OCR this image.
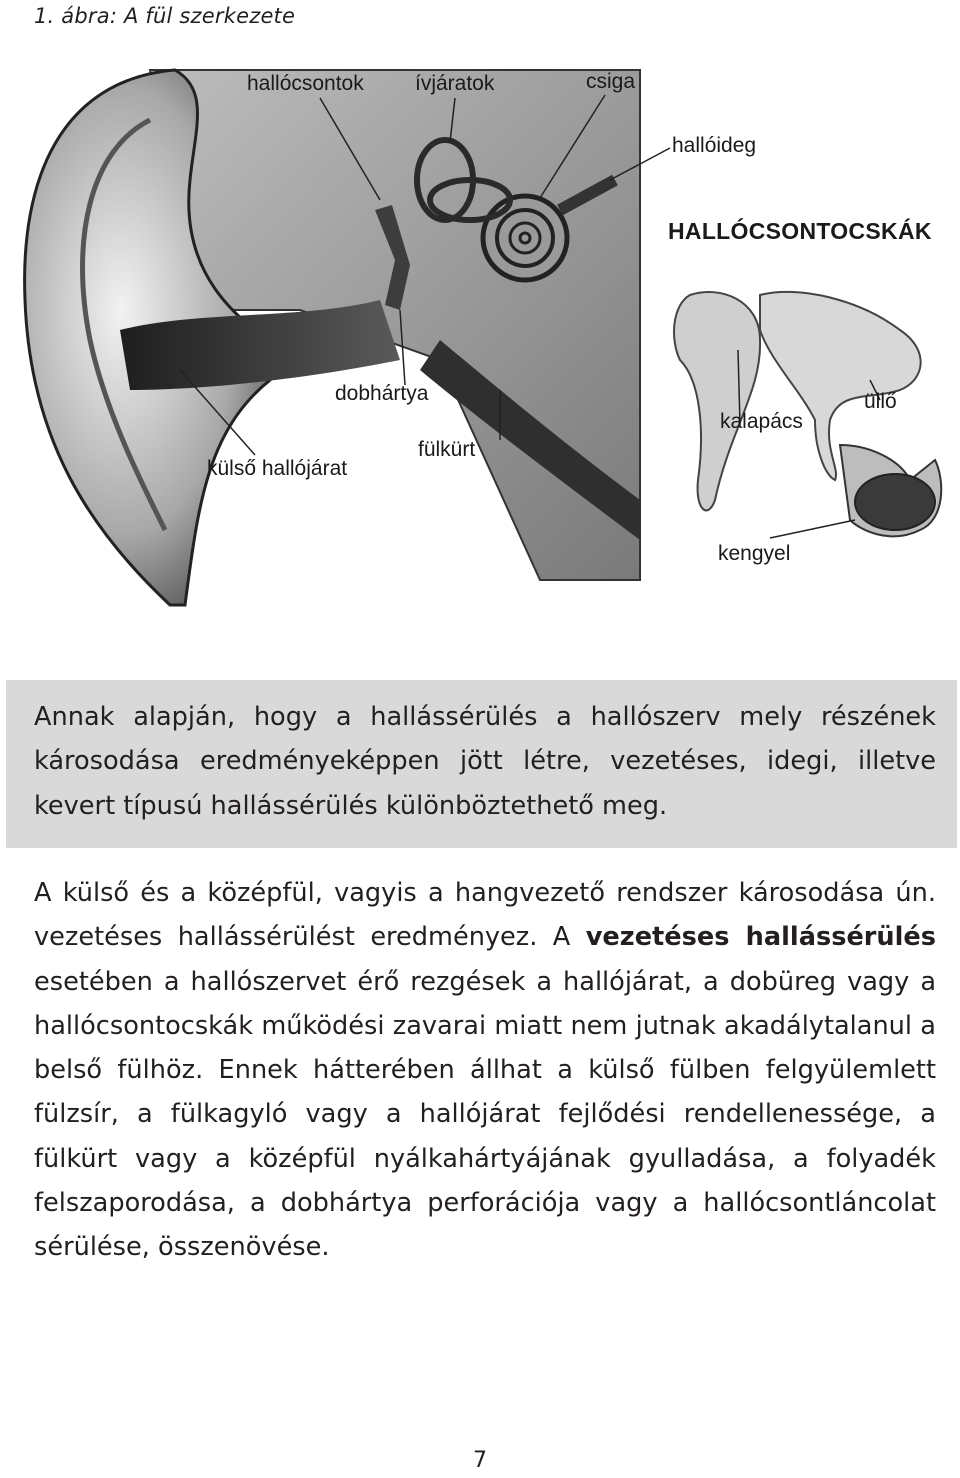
1. ábra: A fül szerkezete
hallócsontok ívjáratok	csiga
hallóideg
HALLÓCSONTOCSKÁK
dobhártya
fülkürt
külső hallójárat
üllő
kalapács
kengyel

Annak alapján, hogy a hallássérülés a hallószerv mely részének károsodása eredményeképpen jött létre, vezetéses, idegi, illetve kevert típusú hallássérülés különböztethető meg.

A külső és a középfül, vagyis a hangvezető rendszer károsodása ún. vezetéses hallássérülést eredményez. A vezetéses hallássérülés esetében a hallószervet érő rezgések a hallójárat, a dobüreg vagy a hallócsontocskák működési zavarai miatt nem jutnak akadálytalanul a belső fülhöz. Ennek hátterében állhat a külső fülben felgyülemlett fülzsír, a fülkagyló vagy a hallójárat fejlődési rendellenessége, a fülkürt vagy a középfül nyálkahártyájának gyulladása, a folyadék felszaporodása, a dobhártya perforációja vagy a hallócsontláncolat sérülése, összenövése.

7
